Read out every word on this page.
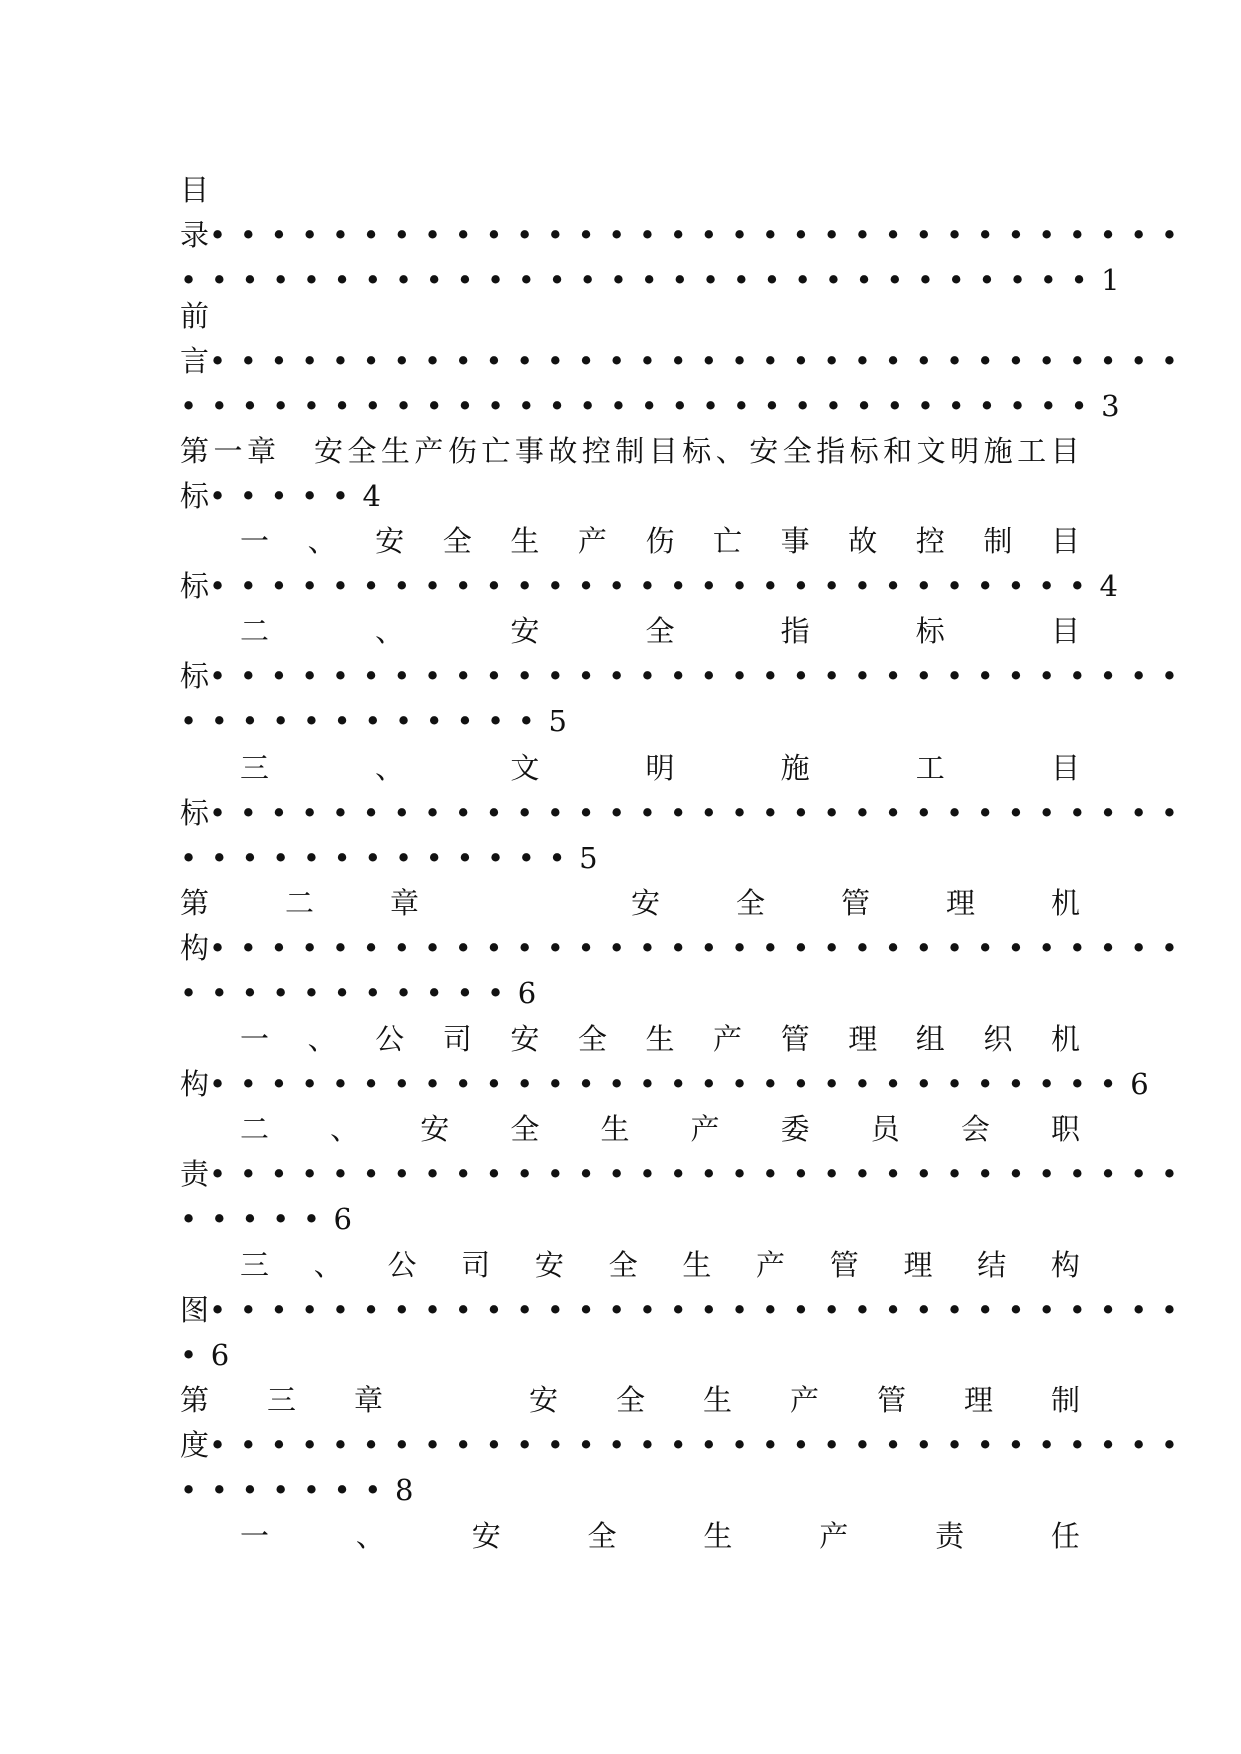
目
录••••••••••••••••••••••••••••••••
••••••••••••••••••••••••••••••1
前
言••••••••••••••••••••••••••••••••
••••••••••••••••••••••••••••••3
第 一 章
　 安 全 生 产 伤 亡 事 故 控 制 目 标 、 安 全 指 标 和 文 明 施 工 目
标•••••4
一 、 安 全 生 产 伤 亡 事 故 控 制 目
标•••••••••••••••••••••••••••••4
二	、	安	全	指	标	目
标••••••••••••••••••••••••••••••••
••••••••••••5
三	、	文	明	施	工	目
标••••••••••••••••••••••••••••••••
•••••••••••••5
第	二	章	安	全	管	理	机
构••••••••••••••••••••••••••••••••
•••••••••••6
一 、 公 司 安 全 生 产 管 理 组 织 机
构••••••••••••••••••••••••••••••6
二 、 安 全 生 产 委 员 会 职
责••••••••••••••••••••••••••••••••
•••••6
三 、 公 司 安 全 生 产 管 理 结 构
图••••••••••••••••••••••••••••••••
•6
第 三 章	安 全 生 产 管 理 制
度••••••••••••••••••••••••••••••••
•••••••8
一	、	安	全	生	产	责	任
